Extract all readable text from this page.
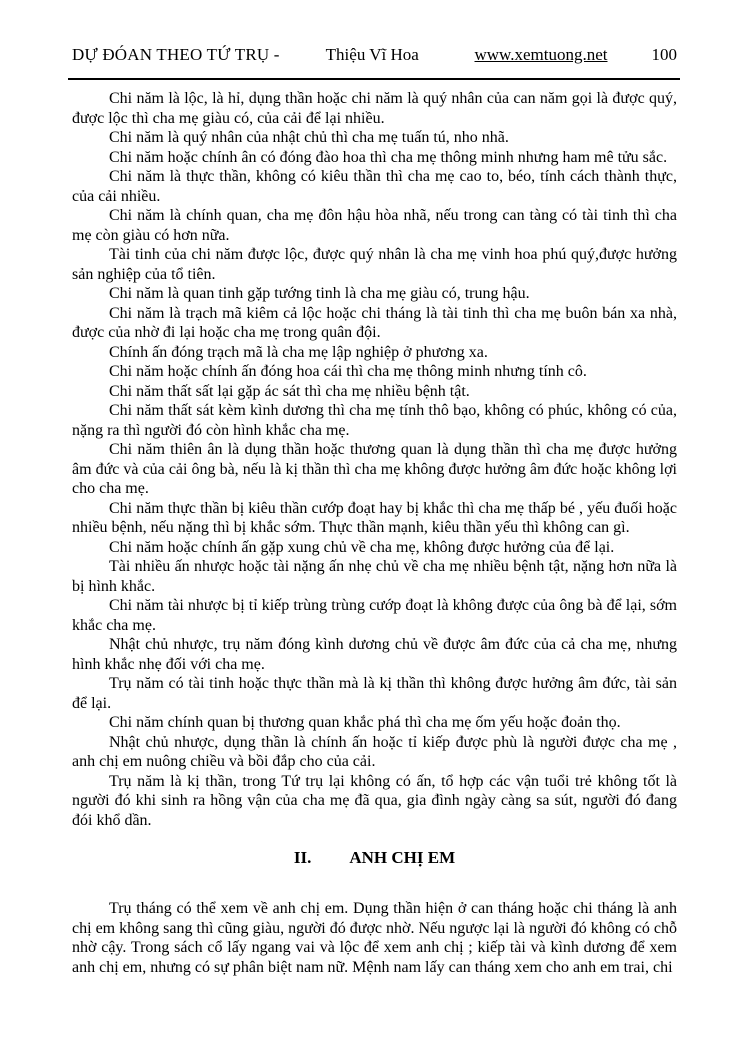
DỰ ĐÓAN THEO TỨ TRỤ -	Thiệu Vĩ Hoa	www.xemtuong.net	100

Chi năm là lộc, là hỉ, dụng thần hoặc chi năm là quý nhân của can năm gọi là được quý, được lộc thì cha mẹ giàu có, của cải để lại nhiều.

Chi năm là quý nhân của nhật chủ thì cha mẹ tuấn tú, nho nhã.

Chi năm hoặc chính ân có đóng đào hoa thì cha mẹ thông minh nhưng ham mê tửu sắc.

Chi năm là thực thần, không có kiêu thần thì cha mẹ cao to, béo, tính cách thành thực, của cải nhiều.

Chi năm là chính quan, cha mẹ đôn hậu hòa nhã, nếu trong can tàng có tài tinh thì cha mẹ còn giàu có hơn nữa.

Tài tinh của chi năm được lộc, được quý nhân là cha mẹ vinh hoa phú quý,được hưởng sản nghiệp của tổ tiên.

Chi năm là quan tinh gặp tướng tinh là cha mẹ giàu có, trung hậu.

Chi năm là trạch mã kiêm cả lộc hoặc chi tháng là tài tinh thì cha mẹ buôn bán xa nhà, được của nhờ đi lại hoặc cha mẹ trong quân đội.

Chính ấn đóng trạch mã là cha mẹ lập nghiệp ở phương xa.

Chi năm hoặc chính ấn đóng hoa cái thì cha mẹ thông minh nhưng tính cô.

Chi năm thất sất lại gặp ác sát thì cha mẹ nhiều bệnh tật.

Chi năm thất sát kèm kình dương thì cha mẹ tính thô bạo, không có phúc, không có của, nặng ra thì người đó còn hình khắc cha mẹ.

Chi năm thiên ân là dụng thần hoặc thương quan là dụng thần thì cha mẹ được hưởng âm đức và của cải ông bà, nếu là kị thần thì cha mẹ không được hưởng âm đức hoặc không lợi cho cha mẹ.

Chi năm thực thần bị kiêu thần cướp đoạt hay bị khắc thì cha mẹ thấp bé , yếu đuối hoặc nhiều bệnh, nếu nặng thì bị khắc sớm. Thực thần mạnh, kiêu thần yếu thì không can gì.

Chi năm hoặc chính ấn gặp xung chủ về cha mẹ, không được hưởng của để lại.

Tài nhiều ấn nhược hoặc tài nặng ấn nhẹ chủ về cha mẹ nhiều bệnh tật, nặng hơn nữa là bị hình khắc.

Chi năm tài nhược bị tỉ kiếp trùng trùng cướp đoạt là không được của ông bà để lại, sớm khắc cha mẹ.

Nhật chủ nhược, trụ năm đóng kình dương chủ về được âm đức của cả cha mẹ, nhưng hình khắc nhẹ đối với cha mẹ.

Trụ năm có tài tinh hoặc thực thần mà là kị thần thì không được hưởng âm đức, tài sản để lại.

Chi năm chính quan bị thương quan khắc phá thì cha mẹ ốm yếu hoặc đoản thọ.

Nhật chủ nhược, dụng thần là chính ấn hoặc tỉ kiếp được phù là người được cha mẹ , anh chị em nuông chiều và bồi đắp cho của cải.

Trụ năm là kị thần, trong Tứ trụ lại không có ấn, tổ hợp các vận tuổi trẻ không tốt là người đó khi sinh ra hồng vận của cha mẹ đã qua, gia đình ngày càng sa sút, người đó đang đói khổ dần.

II. ANH CHỊ EM

Trụ tháng có thể xem về anh chị em. Dụng thần hiện ở can tháng hoặc chi tháng là anh chị em không sang thì cũng giàu, người đó được nhờ. Nếu ngược lại là người đó không có chỗ nhờ cậy. Trong sách cổ lấy ngang vai và lộc để xem anh chị ; kiếp tài và kình dương để xem anh chị em, nhưng có sự phân biệt nam nữ. Mệnh nam lấy can tháng xem cho anh em trai, chi
